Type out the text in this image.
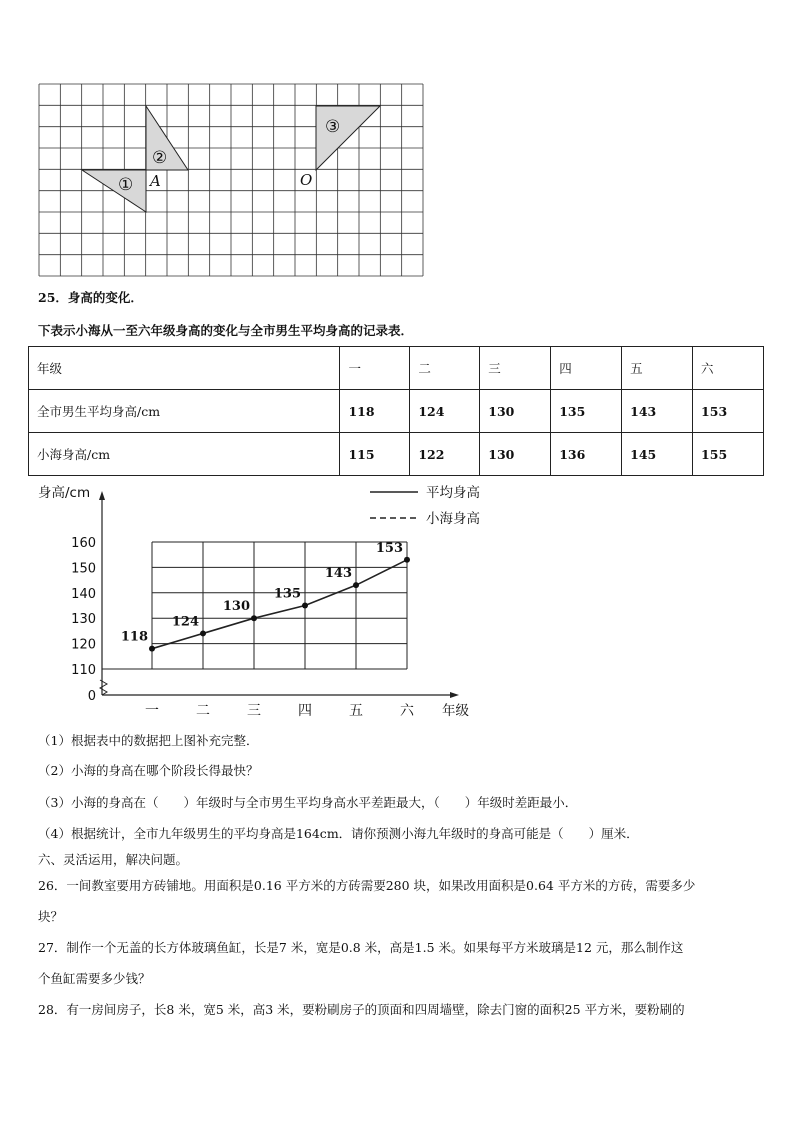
①
②
③
A	O
25．身高的变化．
下表示小海从一至六年级身高的变化与全市男生平均身高的记录表．
年级	一	二	三	四	五	六
全市男生平均身高/cm	118	124	130	135	143	153
小海身高/cm	115	122	130	136	145	155
身高/cm	平均身高
小海身高
年级
160
150
140
130
120
110
0
一	二	三	四	五	六
118
124
130
135
143
153
（1）根据表中的数据把上图补充完整．
（2）小海的身高在哪个阶段长得最快？
（3）小海的身高在（　　）年级时与全市男生平均身高水平差距最大，（　　）年级时差距最小．
（4）根据统计，全市九年级男生的平均身高是164cm．请你预测小海九年级时的身高可能是（　　）厘米．
六、灵活运用，解决问题。
26．一间教室要用方砖铺地。用面积是0.16 平方米的方砖需要280 块，如果改用面积是0.64 平方米的方砖，需要多少
块？
27．制作一个无盖的长方体玻璃鱼缸，长是7 米，宽是0.8 米，高是1.5 米。如果每平方米玻璃是12 元，那么制作这
个鱼缸需要多少钱？
28．有一房间房子，长8 米，宽5 米，高3 米，要粉刷房子的顶面和四周墙壁，除去门窗的面积25 平方米，要粉刷的
